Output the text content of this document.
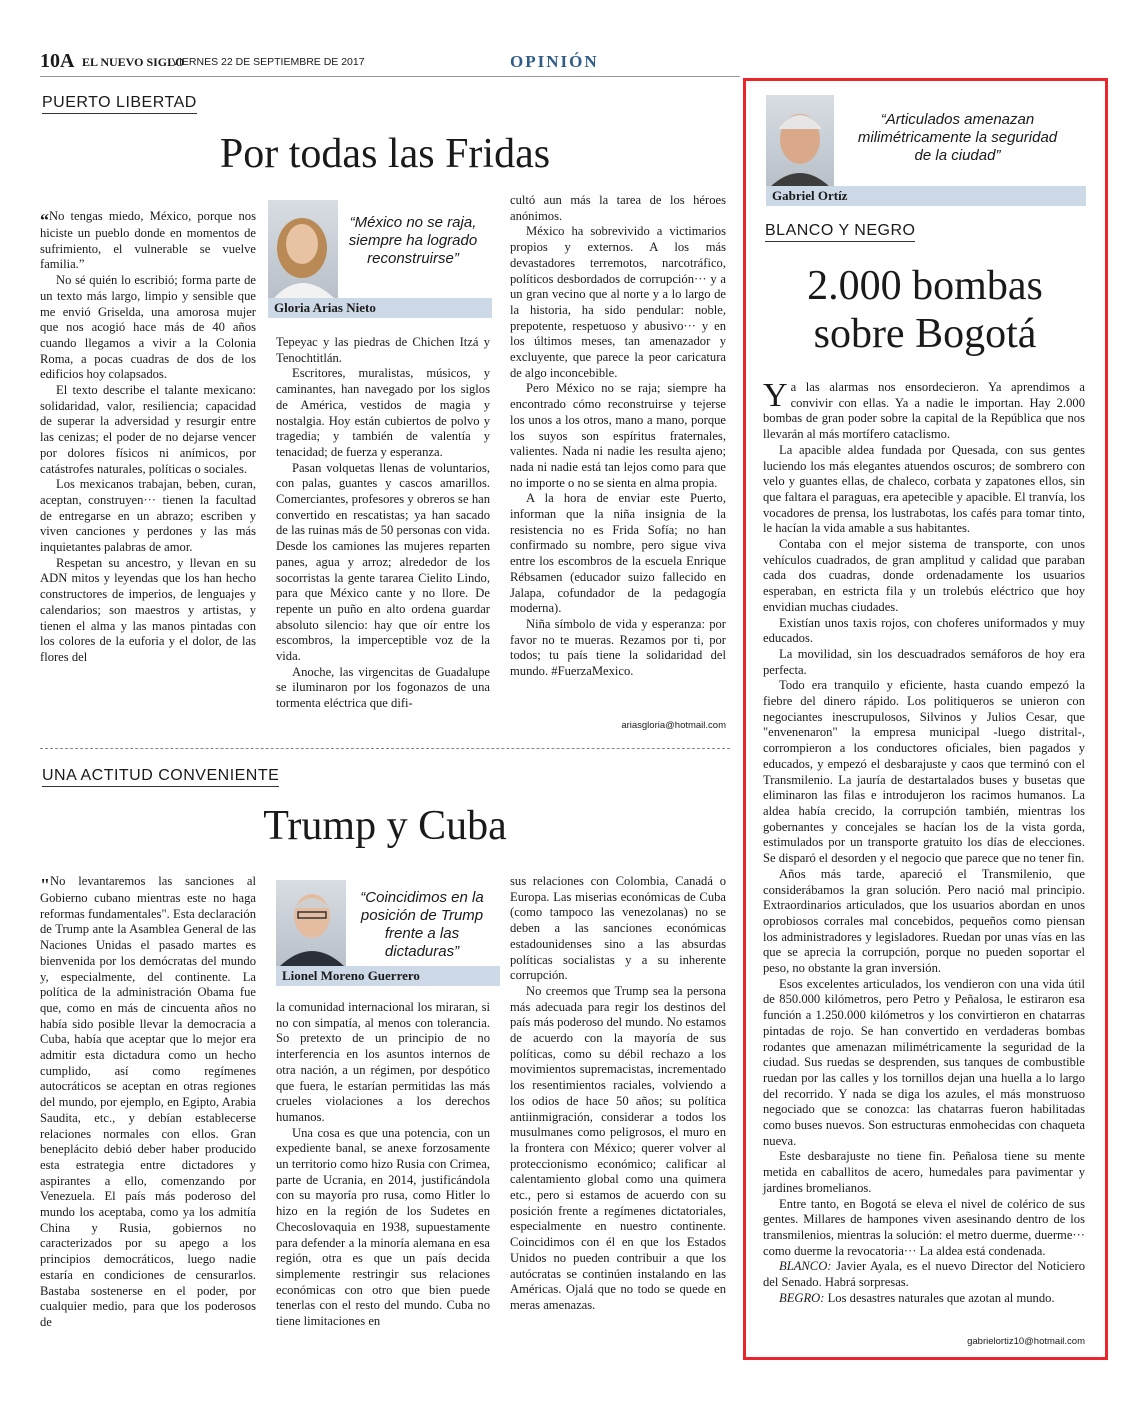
10A EL NUEVO SIGLO
VIERNES 22 DE SEPTIEMBRE DE 2017	OPINIÓN
PUERTO LIBERTAD
Por todas las Fridas

“No tengas miedo, México, porque nos hiciste un pueblo donde en momentos de sufrimiento, el vulnerable se vuelve familia.”

No sé quién lo escribió; forma parte de un texto más largo, limpio y sensible que me envió Griselda, una amorosa mujer que nos acogió hace más de 40 años cuando llegamos a vivir a la Colonia Roma, a pocas cuadras de dos de los edificios hoy colapsados.

El texto describe el talante mexicano: solidaridad, valor, resiliencia; capacidad de superar la adversidad y resurgir entre las cenizas; el poder de no dejarse vencer por dolores físicos ni anímicos, por catástrofes naturales, políticas o sociales.

Los mexicanos trabajan, beben, curan, aceptan, construyen··· tienen la facultad de entregarse en un abrazo; escriben y viven canciones y perdones y las más inquietantes palabras de amor.

Respetan su ancestro, y llevan en su ADN mitos y leyendas que los han hecho constructores de imperios, de lenguajes y calendarios; son maestros y artistas, y tienen el alma y las manos pintadas con los colores de la euforia y el dolor, de las flores del

“México no se raja, siempre ha logrado reconstruirse”
Gloria Arias Nieto

Tepeyac y las piedras de Chichen Itzá y Tenochtitlán.

Escritores, muralistas, músicos, y caminantes, han navegado por los siglos de América, vestidos de magia y nostalgia. Hoy están cubiertos de polvo y tragedia; y también de valentía y tenacidad; de fuerza y esperanza.

Pasan volquetas llenas de voluntarios, con palas, guantes y cascos amarillos. Comerciantes, profesores y obreros se han convertido en rescatistas; ya han sacado de las ruinas más de 50 personas con vida. Desde los camiones las mujeres reparten panes, agua y arroz; alrededor de los socorristas la gente tararea Cielito Lindo, para que México cante y no llore. De repente un puño en alto ordena guardar absoluto silencio: hay que oír entre los escombros, la imperceptible voz de la vida.

Anoche, las virgencitas de Guadalupe se iluminaron por los fogonazos de una tormenta eléctrica que difi-

cultó aun más la tarea de los héroes anónimos.

México ha sobrevivido a victimarios propios y externos. A los más devastadores terremotos, narcotráfico, políticos desbordados de corrupción··· y a un gran vecino que al norte y a lo largo de la historia, ha sido pendular: noble, prepotente, respetuoso y abusivo··· y en los últimos meses, tan amenazador y excluyente, que parece la peor caricatura de algo inconcebible.

Pero México no se raja; siempre ha encontrado cómo reconstruirse y tejerse los unos a los otros, mano a mano, porque los suyos son espíritus fraternales, valientes. Nada ni nadie les resulta ajeno; nada ni nadie está tan lejos como para que no importe o no se sienta en alma propia.

A la hora de enviar este Puerto, informan que la niña insignia de la resistencia no es Frida Sofía; no han confirmado su nombre, pero sigue viva entre los escombros de la escuela Enrique Rébsamen (educador suizo fallecido en Jalapa, cofundador de la pedagogía moderna).

Niña símbolo de vida y esperanza: por favor no te mueras. Rezamos por ti, por todos; tu país tiene la solidaridad del mundo. #FuerzaMexico.

ariasgloria@hotmail.com
UNA ACTITUD CONVENIENTE
Trump y Cuba

"No levantaremos las sanciones al Gobierno cubano mientras este no haga reformas fundamentales". Esta declaración de Trump ante la Asamblea General de las Naciones Unidas el pasado martes es bienvenida por los demócratas del mundo y, especialmente, del continente. La política de la administración Obama fue que, como en más de cincuenta años no había sido posible llevar la democracia a Cuba, había que aceptar que lo mejor era admitir esta dictadura como un hecho cumplido, así como regímenes autocráticos se aceptan en otras regiones del mundo, por ejemplo, en Egipto, Arabia Saudita, etc., y debían establecerse relaciones normales con ellos. Gran beneplácito debió deber haber producido esta estrategia entre dictadores y aspirantes a ello, comenzando por Venezuela. El país más poderoso del mundo los aceptaba, como ya los admitía China y Rusia, gobiernos no caracterizados por su apego a los principios democráticos, luego nadie estaría en condiciones de censurarlos. Bastaba sostenerse en el poder, por cualquier medio, para que los poderosos de

“Coincidimos en la posición de Trump frente a las dictaduras”
Lionel Moreno Guerrero

la comunidad internacional los miraran, si no con simpatía, al menos con tolerancia. So pretexto de un principio de no interferencia en los asuntos internos de otra nación, a un régimen, por despótico que fuera, le estarían permitidas las más crueles violaciones a los derechos humanos.

Una cosa es que una potencia, con un expediente banal, se anexe forzosamente un territorio como hizo Rusia con Crimea, parte de Ucrania, en 2014, justificándola con su mayoría pro rusa, como Hitler lo hizo en la región de los Sudetes en Checoslovaquia en 1938, supuestamente para defender a la minoría alemana en esa región, otra es que un país decida simplemente restringir sus relaciones económicas con otro que bien puede tenerlas con el resto del mundo. Cuba no tiene limitaciones en

sus relaciones con Colombia, Canadá o Europa. Las miserias económicas de Cuba (como tampoco las venezolanas) no se deben a las sanciones económicas estadounidenses sino a las absurdas políticas socialistas y a su inherente corrupción.

No creemos que Trump sea la persona más adecuada para regir los destinos del país más poderoso del mundo. No estamos de acuerdo con la mayoría de sus políticas, como su débil rechazo a los movimientos supremacistas, incrementado los resentimientos raciales, volviendo a los odios de hace 50 años; su política antiinmigración, considerar a todos los musulmanes como peligrosos, el muro en la frontera con México; querer volver al proteccionismo económico; calificar al calentamiento global como una quimera etc., pero si estamos de acuerdo con su posición frente a regímenes dictatoriales, especialmente en nuestro continente. Coincidimos con él en que los Estados Unidos no pueden contribuir a que los autócratas se continúen instalando en las Américas. Ojalá que no todo se quede en meras amenazas.

“Articulados amenazan milimétricamente la seguridad de la ciudad”
Gabriel Ortíz
BLANCO Y NEGRO
2.000 bombas
sobre Bogotá

Ya las alarmas nos ensordecieron. Ya aprendimos a convivir con ellas. Ya a nadie le importan. Hay 2.000 bombas de gran poder sobre la capital de la República que nos llevarán al más mortífero cataclismo.

La apacible aldea fundada por Quesada, con sus gentes luciendo los más elegantes atuendos oscuros; de sombrero con velo y guantes ellas, de chaleco, corbata y zapatones ellos, sin que faltara el paraguas, era apetecible y apacible. El tranvía, los vocadores de prensa, los lustrabotas, los cafés para tomar tinto, le hacían la vida amable a sus habitantes.

Contaba con el mejor sistema de transporte, con unos vehículos cuadrados, de gran amplitud y calidad que paraban cada dos cuadras, donde ordenadamente los usuarios esperaban, en estricta fila y un trolebús eléctrico que hoy envidian muchas ciudades.

Existían unos taxis rojos, con choferes uniformados y muy educados.

La movilidad, sin los descuadrados semáforos de hoy era perfecta.

Todo era tranquilo y eficiente, hasta cuando empezó la fiebre del dinero rápido. Los politiqueros se unieron con negociantes inescrupulosos, Silvinos y Julios Cesar, que "envenenaron" la empresa municipal -luego distrital-, corrompieron a los conductores oficiales, bien pagados y educados, y empezó el desbarajuste y caos que terminó con el Transmilenio. La jauría de destartalados buses y busetas que eliminaron las filas e introdujeron los racimos humanos. La aldea había crecido, la corrupción también, mientras los gobernantes y concejales se hacían los de la vista gorda, estimulados por un transporte gratuito los días de elecciones. Se disparó el desorden y el negocio que parece que no tener fin.

Años más tarde, apareció el Transmilenio, que considerábamos la gran solución. Pero nació mal principio. Extraordinarios articulados, que los usuarios abordan en unos oprobiosos corrales mal concebidos, pequeños como piensan los administradores y legisladores. Ruedan por unas vías en las que se aprecia la corrupción, porque no pueden soportar el peso, no obstante la gran inversión.

Esos excelentes articulados, los vendieron con una vida útil de 850.000 kilómetros, pero Petro y Peñalosa, le estiraron esa función a 1.250.000 kilómetros y los convirtieron en chatarras pintadas de rojo. Se han convertido en verdaderas bombas rodantes que amenazan milimétricamente la seguridad de la ciudad. Sus ruedas se desprenden, sus tanques de combustible ruedan por las calles y los tornillos dejan una huella a lo largo del recorrido. Y nada se diga los azules, el más monstruoso negociado que se conozca: las chatarras fueron habilitadas como buses nuevos. Son estructuras enmohecidas con chaqueta nueva.

Este desbarajuste no tiene fin. Peñalosa tiene su mente metida en caballitos de acero, humedales para pavimentar y jardines bromelianos.

Entre tanto, en Bogotá se eleva el nivel de colérico de sus gentes. Millares de hampones viven asesinando dentro de los transmilenios, mientras la solución: el metro duerme, duerme··· como duerme la revocatoria··· La aldea está condenada.

BLANCO: Javier Ayala, es el nuevo Director del Noticiero del Senado. Habrá sorpresas.

BEGRO: Los desastres naturales que azotan al mundo.

gabrielortiz10@hotmail.com
